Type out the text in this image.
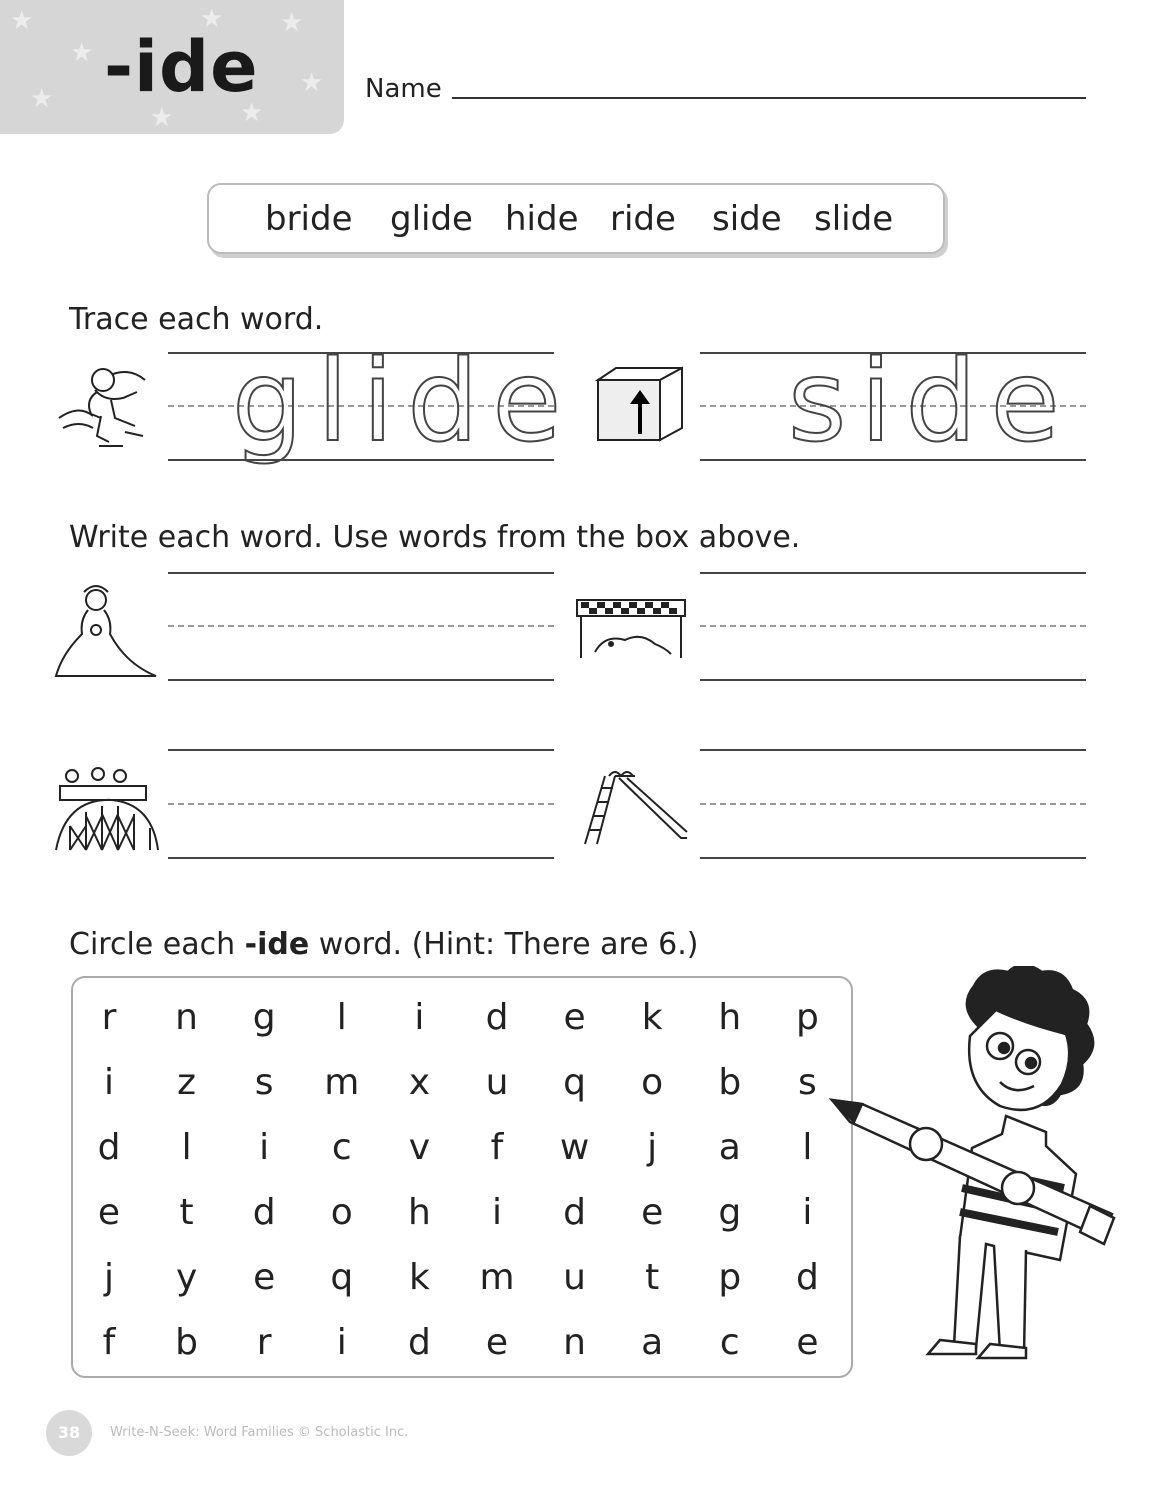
★
★
★
★
★
★
★
★
-ide	Name
bride glide hide ride side slide
Trace each word.
glide side
Write each word. Use words from the box above.
Circle each -ide word. (Hint: There are 6.)
r	n g	l	i	d e k h p
i	z s m x u q o b s
d	l	i	c v	f	w	j	a	l
e	t	d o h	i	d e g	i
j	y e q k m u	t	p d
f	b	r	i	d e n a c e
38	Write-N-Seek: Word Families © Scholastic Inc.
